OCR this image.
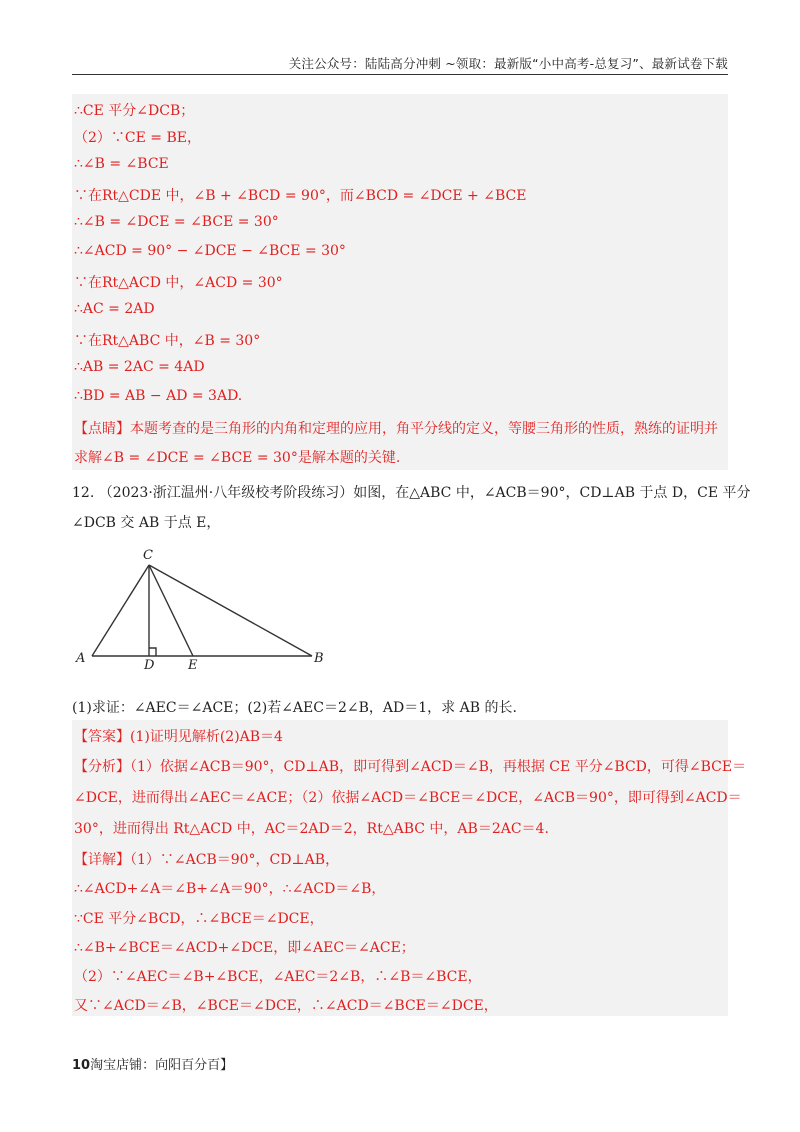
关注公众号：陆陆高分冲刺 ~领取：最新版“小中高考-总复习”、最新试卷下载
∴CE 平分∠DCB；
（2）∵CE = BE，
∴∠B = ∠BCE
∵在Rt△CDE 中，∠B + ∠BCD = 90°，而∠BCD = ∠DCE + ∠BCE
∴∠B = ∠DCE = ∠BCE = 30°
∴∠ACD = 90° − ∠DCE − ∠BCE = 30°
∵在Rt△ACD 中，∠ACD = 30°
∴AC = 2AD
∵在Rt△ABC 中，∠B = 30°
∴AB = 2AC = 4AD
∴BD = AB − AD = 3AD.
【点睛】本题考查的是三角形的内角和定理的应用，角平分线的定义，等腰三角形的性质，熟练的证明并
求解∠B = ∠DCE = ∠BCE = 30°是解本题的关键.
12. （2023·浙江温州·八年级校考阶段练习）如图，在△ABC 中，∠ACB＝90°，CD⊥AB 于点 D，CE 平分
∠DCB 交 AB 于点 E，
C
A	D	E	B
(1)求证：∠AEC＝∠ACE；(2)若∠AEC＝2∠B，AD＝1，求 AB 的长.
【答案】(1)证明见解析(2)AB＝4
【分析】（1）依据∠ACB＝90°，CD⊥AB，即可得到∠ACD＝∠B，再根据 CE 平分∠BCD，可得∠BCE＝
∠DCE，进而得出∠AEC＝∠ACE；（2）依据∠ACD＝∠BCE＝∠DCE，∠ACB＝90°，即可得到∠ACD＝
30°，进而得出 Rt△ACD 中，AC＝2AD＝2，Rt△ABC 中，AB＝2AC＝4.
【详解】（1）∵∠ACB＝90°，CD⊥AB，
∴∠ACD+∠A＝∠B+∠A＝90°，∴∠ACD＝∠B，
∵CE 平分∠BCD，∴∠BCE＝∠DCE，
∴∠B+∠BCE＝∠ACD+∠DCE，即∠AEC＝∠ACE；
（2）∵∠AEC＝∠B+∠BCE，∠AEC＝2∠B，∴∠B＝∠BCE，
又∵∠ACD＝∠B，∠BCE＝∠DCE，∴∠ACD＝∠BCE＝∠DCE，
10淘宝店铺：向阳百分百】
